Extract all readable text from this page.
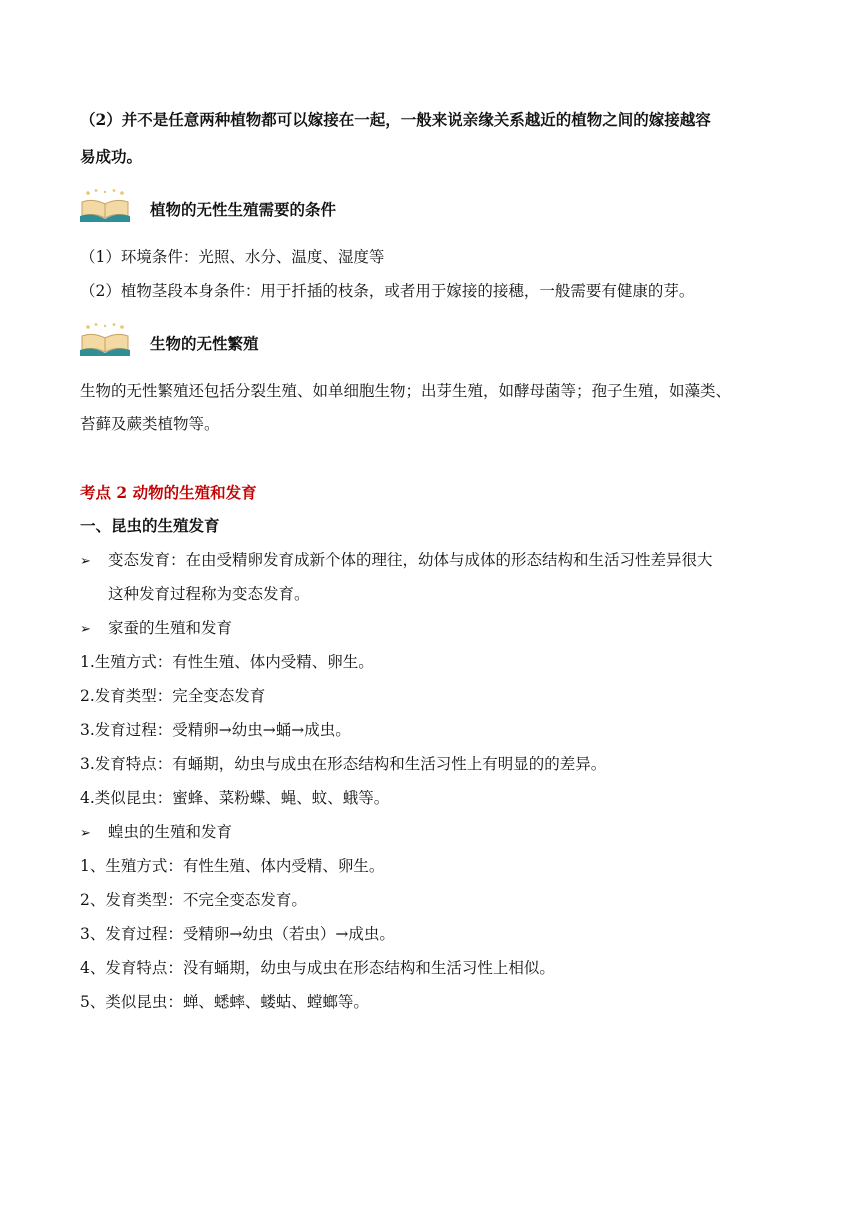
（2）并不是任意两种植物都可以嫁接在一起，一般来说亲缘关系越近的植物之间的嫁接越容
易成功。
植物的无性生殖需要的条件
（1）环境条件：光照、水分、温度、湿度等
（2）植物茎段本身条件：用于扦插的枝条，或者用于嫁接的接穗，一般需要有健康的芽。
生物的无性繁殖
生物的无性繁殖还包括分裂生殖、如单细胞生物；出芽生殖，如酵母菌等；孢子生殖，如藻类、
苔藓及蕨类植物等。
考点 2 动物的生殖和发育
一、昆虫的生殖发育
➢ 变态发育：在由受精卵发育成新个体的理往，幼体与成体的形态结构和生活习性差异很大
这种发育过程称为变态发育。
➢ 家蚕的生殖和发育
1.生殖方式：有性生殖、体内受精、卵生。
2.发育类型：完全变态发育
3.发育过程：受精卵→幼虫→蛹→成虫。
3.发育特点：有蛹期，幼虫与成虫在形态结构和生活习性上有明显的的差异。
4.类似昆虫：蜜蜂、菜粉蝶、蝇、蚊、蛾等。
➢ 蝗虫的生殖和发育
1、生殖方式：有性生殖、体内受精、卵生。
2、发育类型：不完全变态发育。
3、发育过程：受精卵→幼虫（若虫）→成虫。
4、发育特点：没有蛹期，幼虫与成虫在形态结构和生活习性上相似。
5、类似昆虫：蝉、蟋蟀、蝼蛄、螳螂等。
